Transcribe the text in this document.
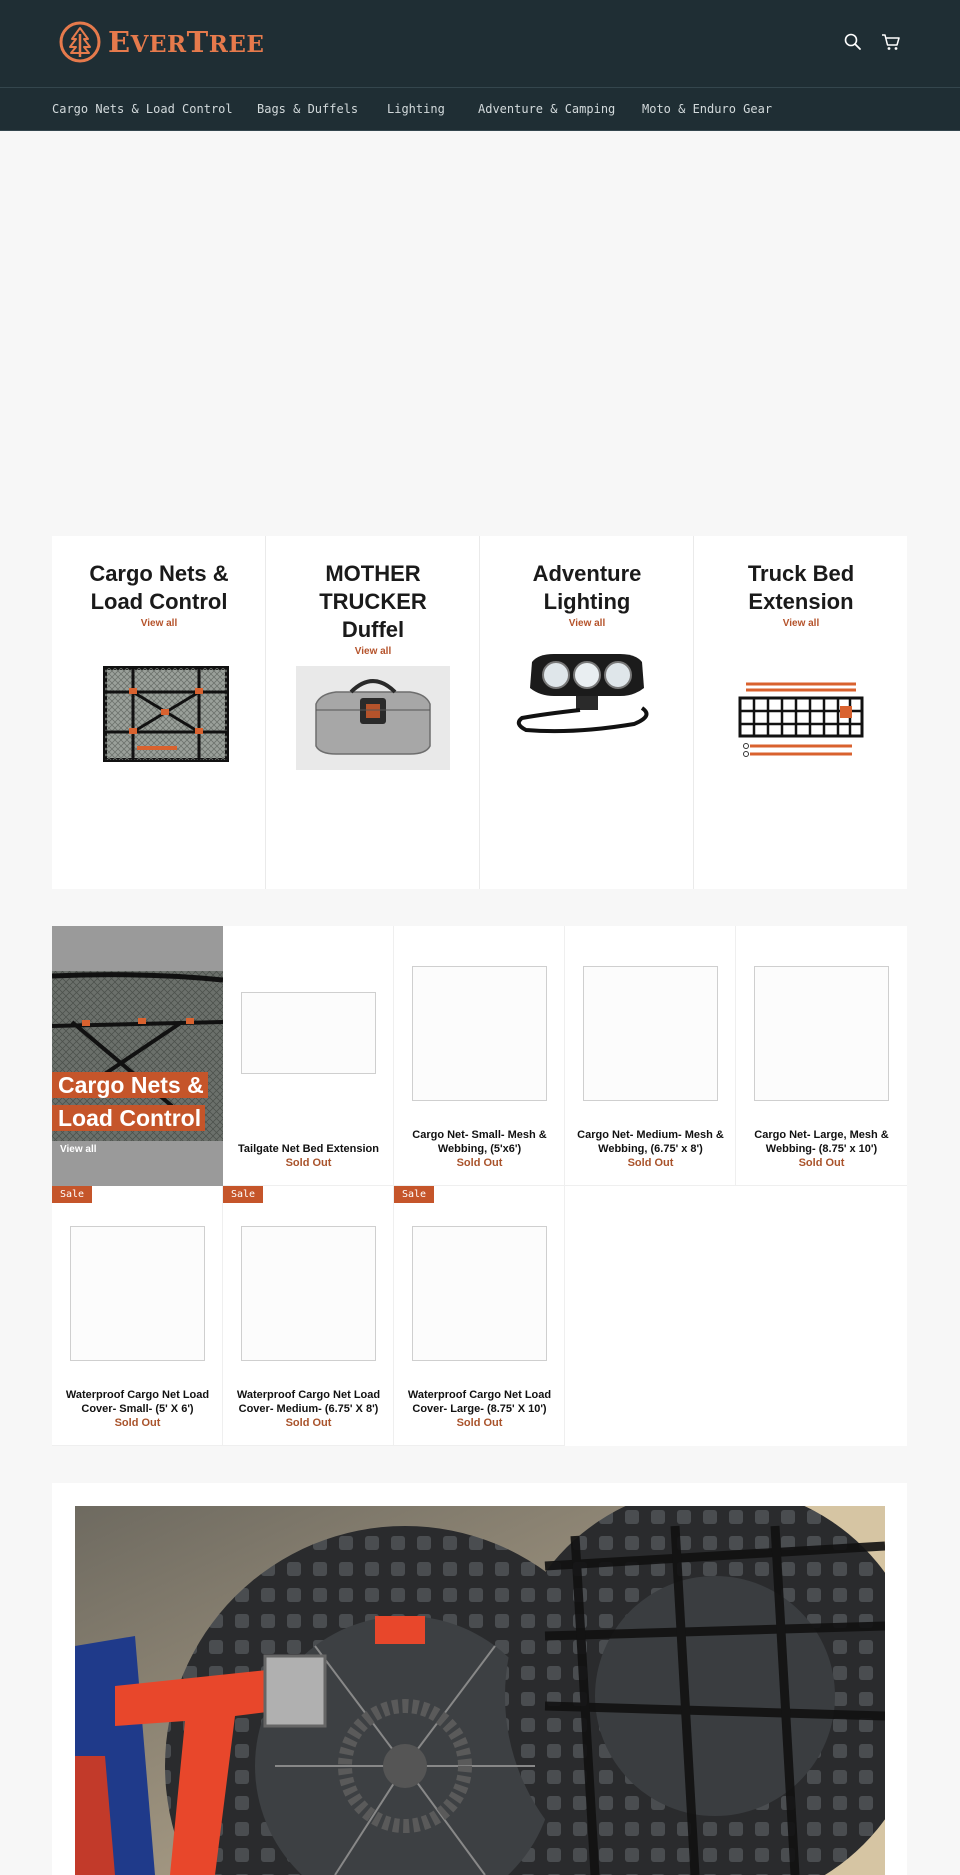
EVERTREE
Cargo Nets & Load Control Bags & Duffels Lighting	Adventure & Camping Moto & Enduro Gear
Cargo Nets & Load Control
View all
MOTHER TRUCKER Duffel
View all
Adventure Lighting
View all
Truck Bed Extension
View all
Cargo Nets & Load Control
View all	Tailgate Net Bed Extension
Sold Out
Cargo Net- Small- Mesh & Webbing, (5'x6')
Sold Out
Cargo Net- Medium- Mesh & Webbing, (6.75' x 8')
Sold Out
Cargo Net- Large, Mesh & Webbing- (8.75' x 10')
Sold Out
Sale
Waterproof Cargo Net Load Cover- Small- (5' X 6')
Sold Out
Sale
Waterproof Cargo Net Load Cover- Medium- (6.75' X 8')
Sold Out
Sale
Waterproof Cargo Net Load Cover- Large- (8.75' X 10')
Sold Out
